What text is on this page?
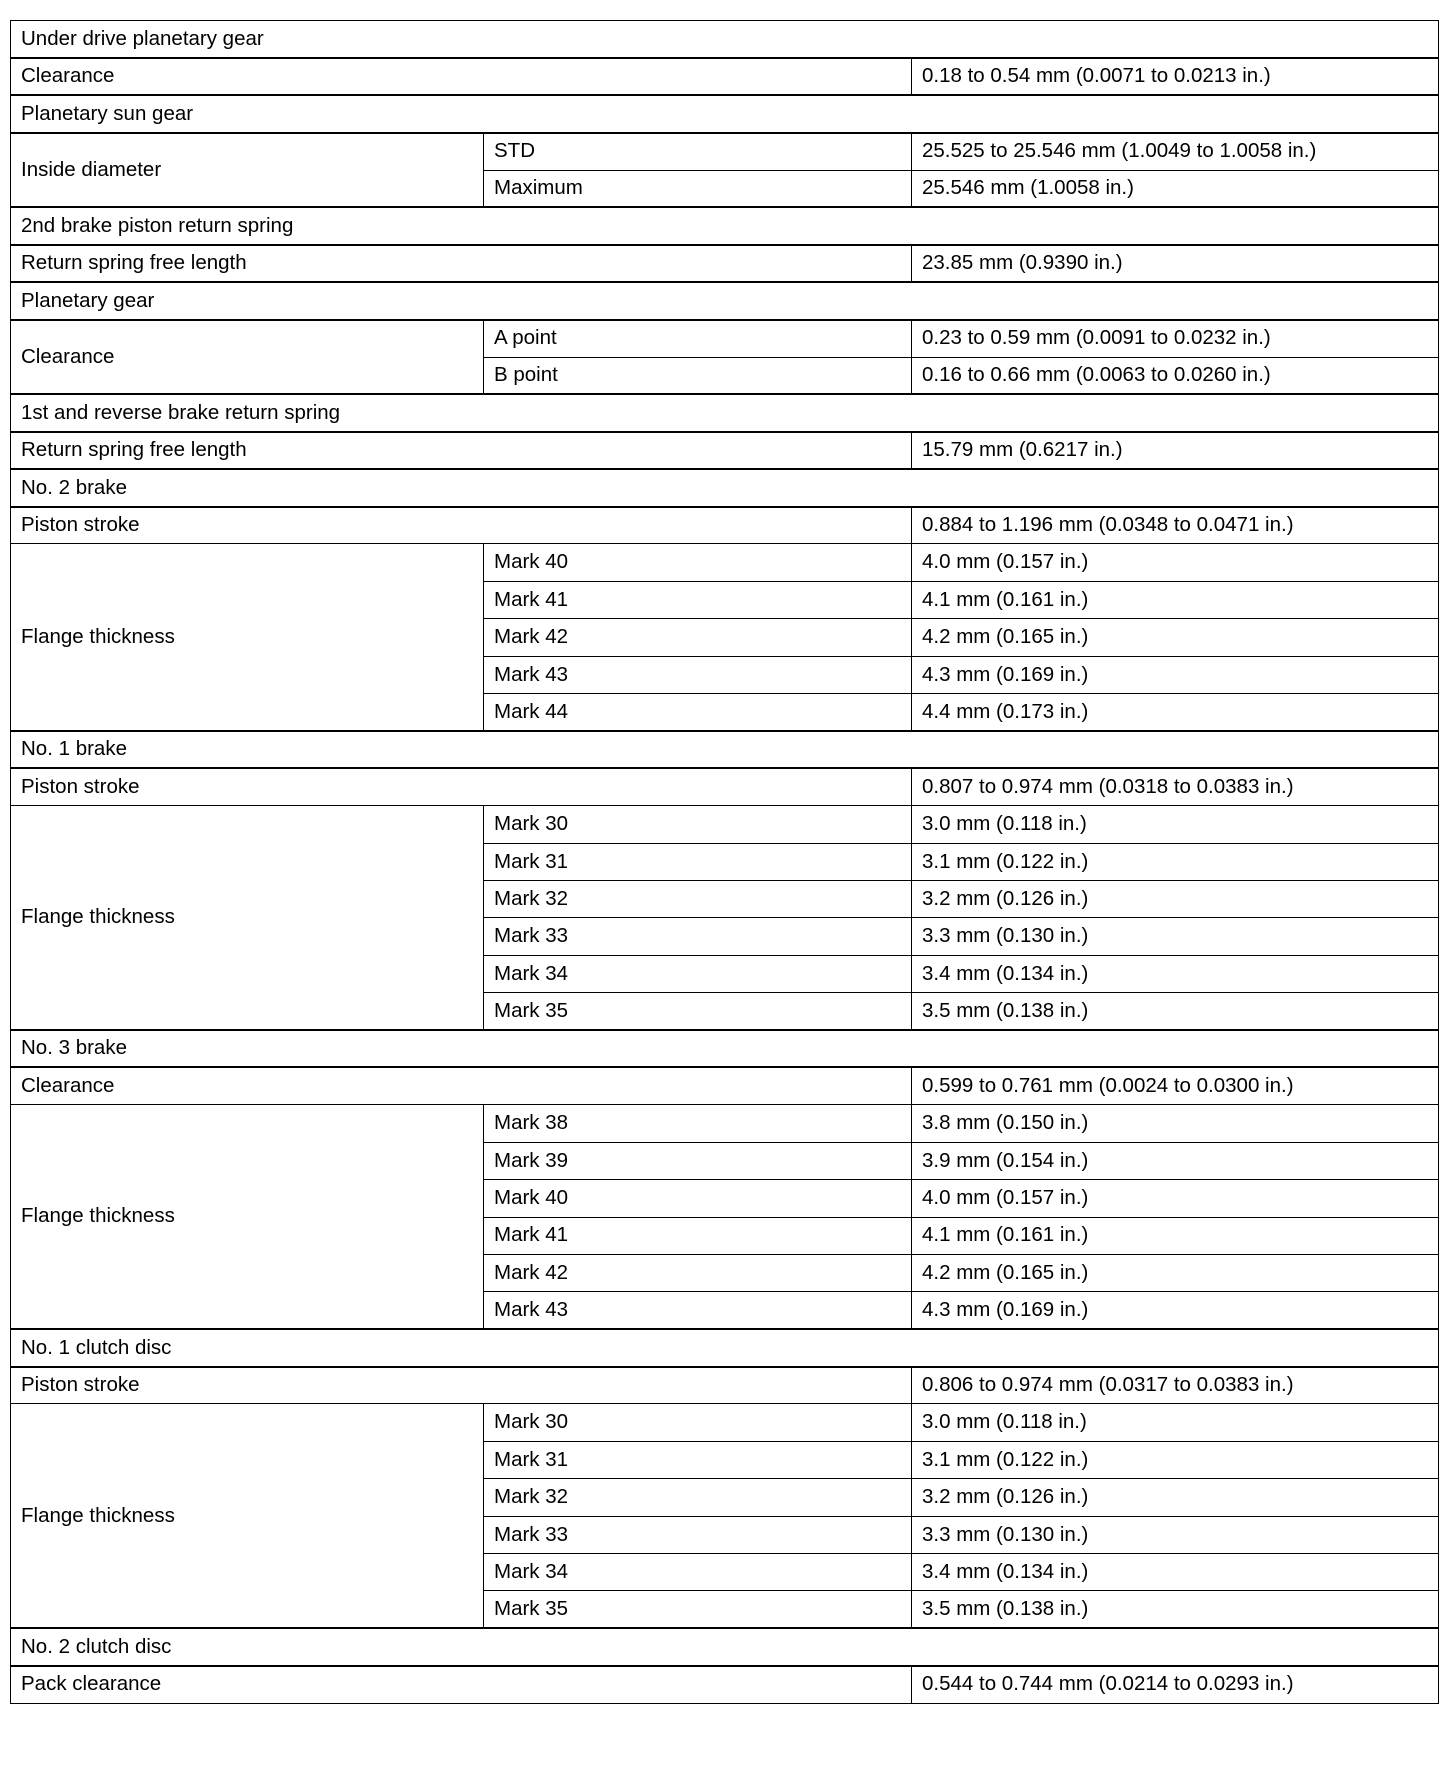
Under drive planetary gear		
Clearance		0.18 to 0.54 mm (0.0071 to 0.0213 in.)
Planetary sun gear		
Inside diameter	STD	25.525 to 25.546 mm (1.0049 to 1.0058 in.)
	Maximum	25.546 mm (1.0058 in.)
2nd brake piston return spring		
Return spring free length		23.85 mm (0.9390 in.)
Planetary gear		
Clearance	A point	0.23 to 0.59 mm (0.0091 to 0.0232 in.)
	B point	0.16 to 0.66 mm (0.0063 to 0.0260 in.)
1st and reverse brake return spring		
Return spring free length		15.79 mm (0.6217 in.)
No. 2 brake		
Piston stroke		0.884 to 1.196 mm (0.0348 to 0.0471 in.)
Flange thickness	Mark 40	4.0 mm (0.157 in.)
	Mark 41	4.1 mm (0.161 in.)
	Mark 42	4.2 mm (0.165 in.)
	Mark 43	4.3 mm (0.169 in.)
	Mark 44	4.4 mm (0.173 in.)
No. 1 brake		
Piston stroke		0.807 to 0.974 mm (0.0318 to 0.0383 in.)
Flange thickness	Mark 30	3.0 mm (0.118 in.)
	Mark 31	3.1 mm (0.122 in.)
	Mark 32	3.2 mm (0.126 in.)
	Mark 33	3.3 mm (0.130 in.)
	Mark 34	3.4 mm (0.134 in.)
	Mark 35	3.5 mm (0.138 in.)
No. 3 brake		
Clearance		0.599 to 0.761 mm (0.0024 to 0.0300 in.)
Flange thickness	Mark 38	3.8 mm (0.150 in.)
	Mark 39	3.9 mm (0.154 in.)
	Mark 40	4.0 mm (0.157 in.)
	Mark 41	4.1 mm (0.161 in.)
	Mark 42	4.2 mm (0.165 in.)
	Mark 43	4.3 mm (0.169 in.)
No. 1 clutch disc		
Piston stroke		0.806 to 0.974 mm (0.0317 to 0.0383 in.)
Flange thickness	Mark 30	3.0 mm (0.118 in.)
	Mark 31	3.1 mm (0.122 in.)
	Mark 32	3.2 mm (0.126 in.)
	Mark 33	3.3 mm (0.130 in.)
	Mark 34	3.4 mm (0.134 in.)
	Mark 35	3.5 mm (0.138 in.)
No. 2 clutch disc		
Pack clearance		0.544 to 0.744 mm (0.0214 to 0.0293 in.)
